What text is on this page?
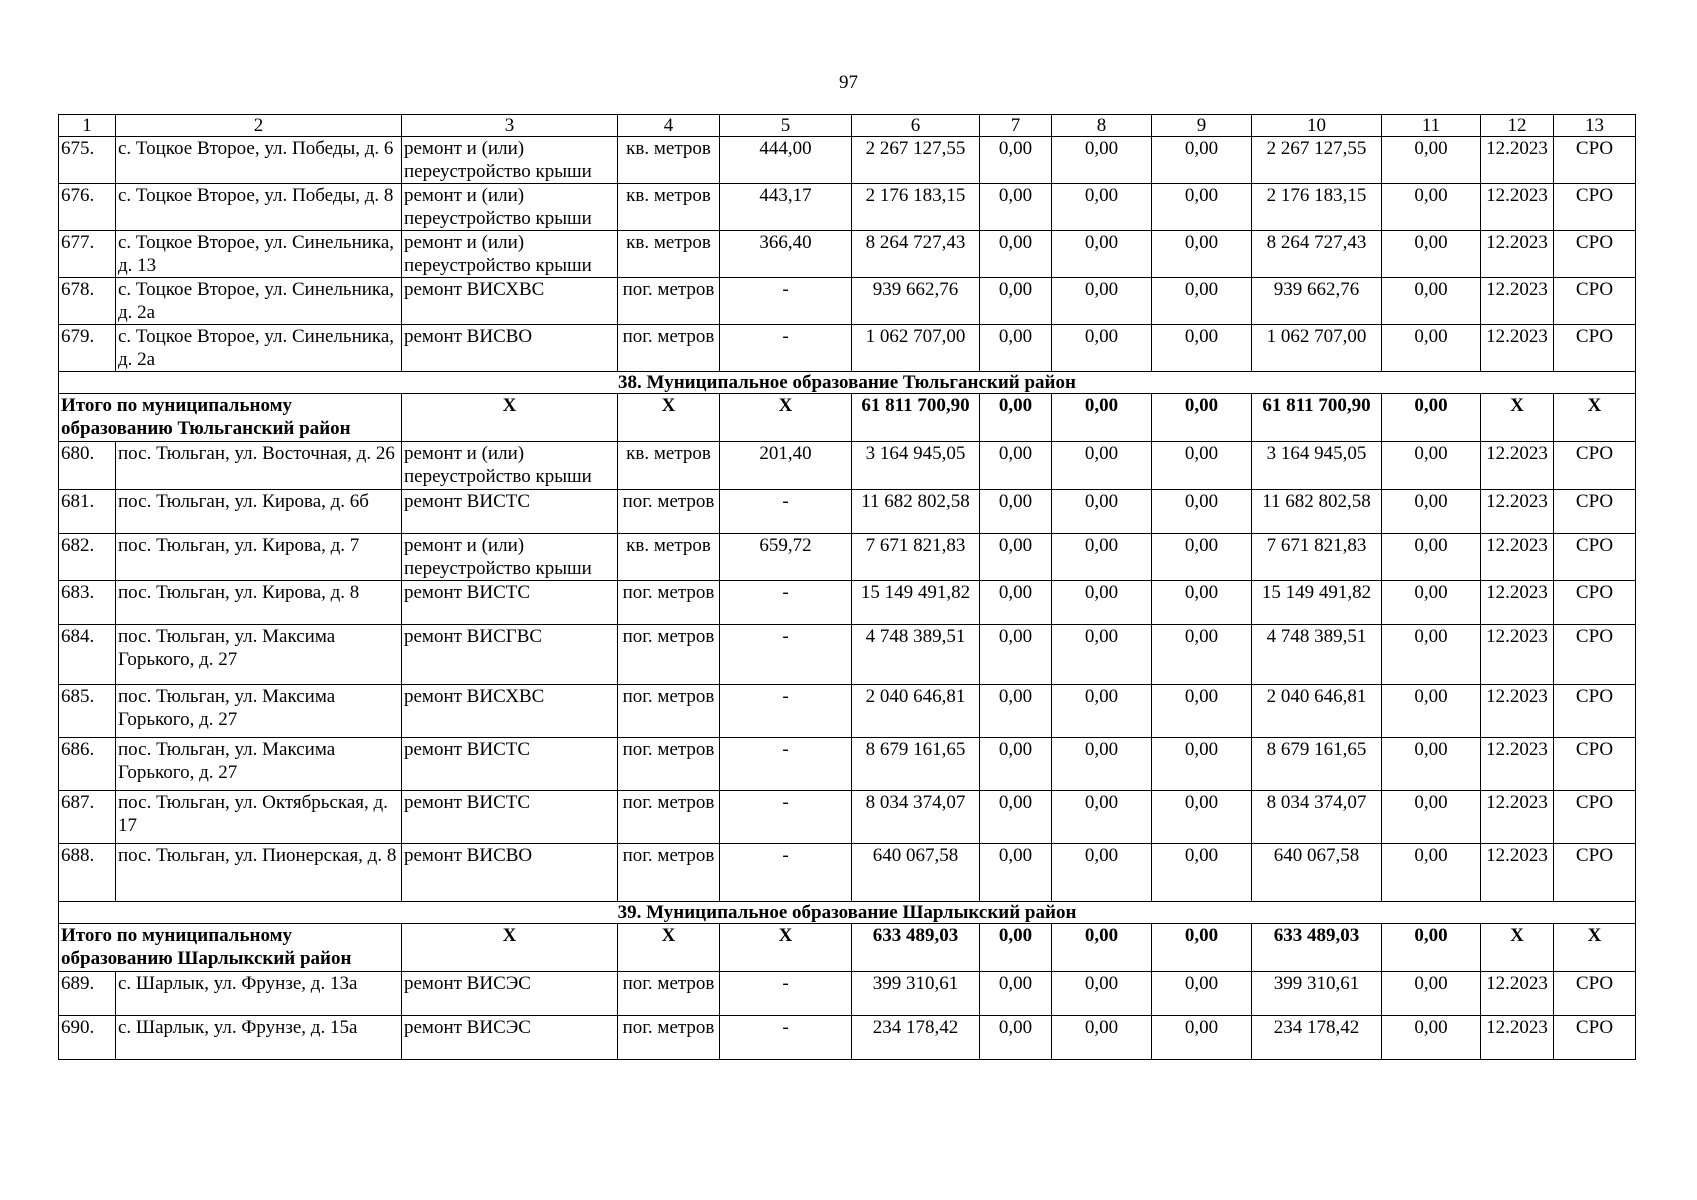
97
1	2	3	4	5	6	7	8	9	10	11	12	13
675.	с. Тоцкое Второе, ул. Победы, д. 6	ремонт и (или) переустройство крыши	кв. метров	444,00	2 267 127,55	0,00	0,00	0,00	2 267 127,55	0,00	12.2023	СРО
676.	с. Тоцкое Второе, ул. Победы, д. 8	ремонт и (или) переустройство крыши	кв. метров	443,17	2 176 183,15	0,00	0,00	0,00	2 176 183,15	0,00	12.2023	СРО
677.	с. Тоцкое Второе, ул. Синельника, д. 13	ремонт и (или) переустройство крыши	кв. метров	366,40	8 264 727,43	0,00	0,00	0,00	8 264 727,43	0,00	12.2023	СРО
678.	с. Тоцкое Второе, ул. Синельника, д. 2а	ремонт ВИСХВС	пог. метров	-	939 662,76	0,00	0,00	0,00	939 662,76	0,00	12.2023	СРО
679.	с. Тоцкое Второе, ул. Синельника, д. 2а	ремонт ВИСВО	пог. метров	-	1 062 707,00	0,00	0,00	0,00	1 062 707,00	0,00	12.2023	СРО
38. Муниципальное образование Тюльганский район												
Итого по муниципальному образованию Тюльганский район		Х	Х	Х	61 811 700,90	0,00	0,00	0,00	61 811 700,90	0,00	Х	Х
680.	пос. Тюльган, ул. Восточная, д. 26	ремонт и (или) переустройство крыши	кв. метров	201,40	3 164 945,05	0,00	0,00	0,00	3 164 945,05	0,00	12.2023	СРО
681.	пос. Тюльган, ул. Кирова, д. 6б	ремонт ВИСТС	пог. метров	-	11 682 802,58	0,00	0,00	0,00	11 682 802,58	0,00	12.2023	СРО
682.	пос. Тюльган, ул. Кирова, д. 7	ремонт и (или) переустройство крыши	кв. метров	659,72	7 671 821,83	0,00	0,00	0,00	7 671 821,83	0,00	12.2023	СРО
683.	пос. Тюльган, ул. Кирова, д. 8	ремонт ВИСТС	пог. метров	-	15 149 491,82	0,00	0,00	0,00	15 149 491,82	0,00	12.2023	СРО
684.	пос. Тюльган, ул. Максима Горького, д. 27	ремонт ВИСГВС	пог. метров	-	4 748 389,51	0,00	0,00	0,00	4 748 389,51	0,00	12.2023	СРО
685.	пос. Тюльган, ул. Максима Горького, д. 27	ремонт ВИСХВС	пог. метров	-	2 040 646,81	0,00	0,00	0,00	2 040 646,81	0,00	12.2023	СРО
686.	пос. Тюльган, ул. Максима Горького, д. 27	ремонт ВИСТС	пог. метров	-	8 679 161,65	0,00	0,00	0,00	8 679 161,65	0,00	12.2023	СРО
687.	пос. Тюльган, ул. Октябрьская, д. 17	ремонт ВИСТС	пог. метров	-	8 034 374,07	0,00	0,00	0,00	8 034 374,07	0,00	12.2023	СРО
688.	пос. Тюльган, ул. Пионерская, д. 8	ремонт ВИСВО	пог. метров	-	640 067,58	0,00	0,00	0,00	640 067,58	0,00	12.2023	СРО
39. Муниципальное образование Шарлыкский район												
Итого по муниципальному образованию Шарлыкский район		Х	Х	Х	633 489,03	0,00	0,00	0,00	633 489,03	0,00	Х	Х
689.	с. Шарлык, ул. Фрунзе, д. 13а	ремонт ВИСЭС	пог. метров	-	399 310,61	0,00	0,00	0,00	399 310,61	0,00	12.2023	СРО
690.	с. Шарлык, ул. Фрунзе, д. 15а	ремонт ВИСЭС	пог. метров	-	234 178,42	0,00	0,00	0,00	234 178,42	0,00	12.2023	СРО
